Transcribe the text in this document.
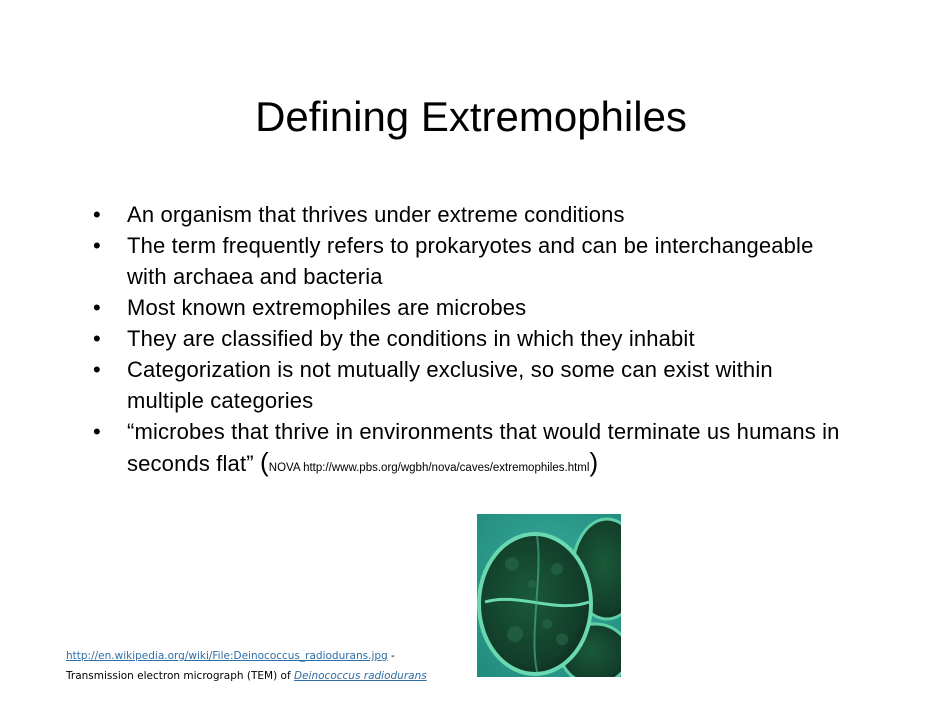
Defining Extremophiles
•	An organism that thrives under extreme conditions
•	The term frequently refers to prokaryotes and can be interchangeable with archaea and bacteria
•	Most known extremophiles are microbes
•	They are classified by the conditions in which they inhabit
•	Categorization is not mutually exclusive, so some can exist within multiple categories
•	“microbes that thrive in environments that would terminate us humans in seconds flat” (NOVA http://www.pbs.org/wgbh/nova/caves/extremophiles.html)
http://en.wikipedia.org/wiki/File:Deinococcus_radiodurans.jpg -
Transmission electron micrograph (TEM) of Deinococcus radiodurans
